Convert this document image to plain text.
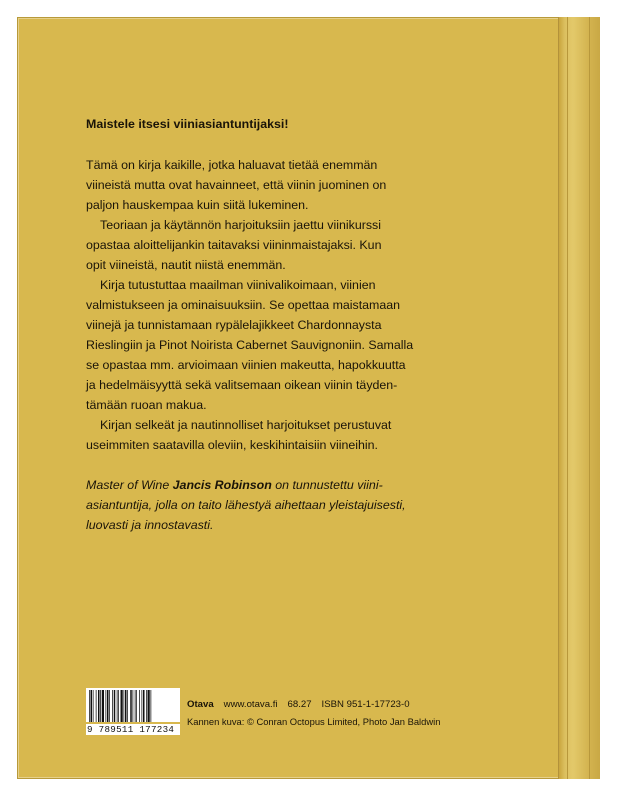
Maistele itsesi viiniasiantuntijaksi!

Tämä on kirja kaikille, jotka haluavat tietää enemmän
viineistä mutta ovat havainneet, että viinin juominen on
paljon hauskempaa kuin siitä lukeminen.

Teoriaan ja käytännön harjoituksiin jaettu viinikurssi
opastaa aloittelijankin taitavaksi viininmaistajaksi. Kun
opit viineistä, nautit niistä enemmän.

Kirja tutustuttaa maailman viinivalikoimaan, viinien
valmistukseen ja ominaisuuksiin. Se opettaa maistamaan
viinejä ja tunnistamaan rypälelajikkeet Chardonnaysta
Rieslingiin ja Pinot Noirista Cabernet Sauvignoniin. Samalla
se opastaa mm. arvioimaan viinien makeutta, hapokkuutta
ja hedelmäisyyttä sekä valitsemaan oikean viinin täyden-
tämään ruoan makua.

Kirjan selkeät ja nautinnolliset harjoitukset perustuvat
useimmiten saatavilla oleviin, keskihintaisiin viineihin.

Master of Wine Jancis Robinson on tunnustettu viini-
asiantuntija, jolla on taito lähestyä aihettaan yleistajuisesti,
luovasti ja innostavasti.

9 789511 177234
Otava www.otava.fi 68.27 ISBN 951-1-17723-0
Kannen kuva: © Conran Octopus Limited, Photo Jan Baldwin
